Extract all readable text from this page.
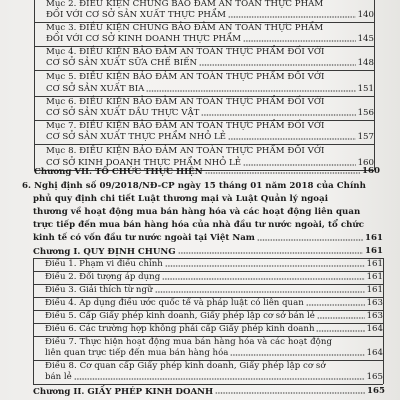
Mục 2. ĐIỀU KIỆN CHUNG BẢO ĐẢM AN TOÀN THỰC PHẨM
ĐỐI VỚI CƠ SỞ SẢN XUẤT THỰC PHẨM	140
Mục 3. ĐIỀU KIỆN CHUNG BẢO ĐẢM AN TOÀN THỰC PHẨM
ĐỐI VỚI CƠ SỞ KINH DOANH THỰC PHẨM	145
Mục 4. ĐIỀU KIỆN BẢO ĐẢM AN TOÀN THỰC PHẨM ĐỐI VỚI
CƠ SỞ SẢN XUẤT SỮA CHẾ BIẾN	148
Mục 5. ĐIỀU KIỆN BẢO ĐẢM AN TOÀN THỰC PHẨM ĐỐI VỚI
CƠ SỞ SẢN XUẤT BIA	151
Mục 6. ĐIỀU KIỆN BẢO ĐẢM AN TOÀN THỰC PHẨM ĐỐI VỚI
CƠ SỞ SẢN XUẤT DẦU THỰC VẬT	156
Mục 7. ĐIỀU KIỆN BẢO ĐẢM AN TOÀN THỰC PHẨM ĐỐI VỚI
CƠ SỞ SẢN XUẤT THỰC PHẨM NHỎ LẺ	157
Mục 8. ĐIỀU KIỆN BẢO ĐẢM AN TOÀN THỰC PHẨM ĐỐI VỚI
CƠ SỞ KINH DOANH THỰC PHẨM NHỎ LẺ	160
Chương VII. TỔ CHỨC THỰC HIỆN	160
6. Nghị định số 09/2018/NĐ-CP ngày 15 tháng 01 năm 2018 của Chính
phủ quy định chi tiết Luật thương mại và Luật Quản lý ngoại
thương về hoạt động mua bán hàng hóa và các hoạt động liên quan
trực tiếp đến mua bán hàng hóa của nhà đầu tư nước ngoài, tổ chức
kinh tế có vốn đầu tư nước ngoài tại Việt Nam	161
Chương I. QUY ĐỊNH CHUNG	161
Điều 1. Phạm vi điều chỉnh	161
Điều 2. Đối tượng áp dụng	161
Điều 3. Giải thích từ ngữ	161
Điều 4. Áp dụng điều ước quốc tế và pháp luật có liên quan	163
Điều 5. Cấp Giấy phép kinh doanh, Giấy phép lập cơ sở bán lẻ	163
Điều 6. Các trường hợp không phải cấp Giấy phép kinh doanh	164
Điều 7. Thực hiện hoạt động mua bán hàng hóa và các hoạt động
liên quan trực tiếp đến mua bán hàng hóa	164
Điều 8. Cơ quan cấp Giấy phép kinh doanh, Giấy phép lập cơ sở
bán lẻ	165
Chương II. GIẤY PHÉP KINH DOANH	165
